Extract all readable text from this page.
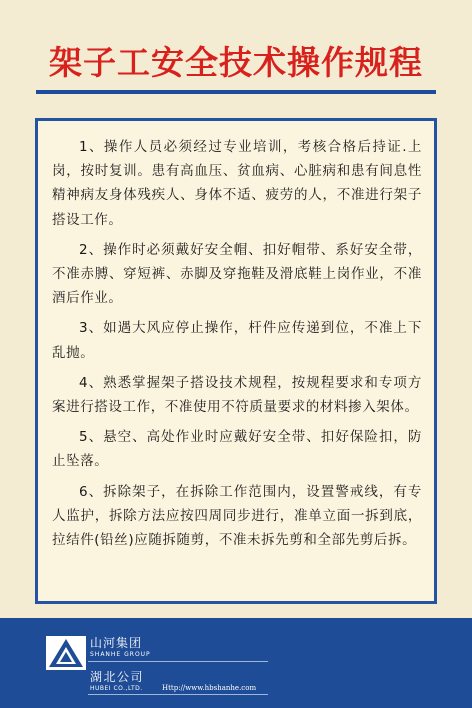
架子工安全技术操作规程

1、操作人员必须经过专业培训，考核合格后持证.上岗，按时复训。患有高血压、贫血病、心脏病和患有间息性精神病友身体残疾人、身体不适、疲劳的人，不准进行架子搭设工作。

2、操作时必须戴好安全帽、扣好帽带、系好安全带，不准赤膊、穿短裤、赤脚及穿拖鞋及滑底鞋上岗作业，不准酒后作业。

3、如遇大风应停止操作，杆件应传递到位，不准上下乱抛。

4、熟悉掌握架子搭设技术规程，按规程要求和专项方案进行搭设工作，不准使用不符质量要求的材料掺入架体。

5、悬空、高处作业时应戴好安全带、扣好保险扣，防止坠落。

6、拆除架子，在拆除工作范围内，设置警戒线，有专人监护，拆除方法应按四周同步进行，准单立面一拆到底，拉结件(铅丝)应随拆随剪，不准未拆先剪和全部先剪后拆。

山河集团
SHANHE GROUP
湖北公司
HUBEI CO.,LTD.	Http://www.hbshanhe.com
